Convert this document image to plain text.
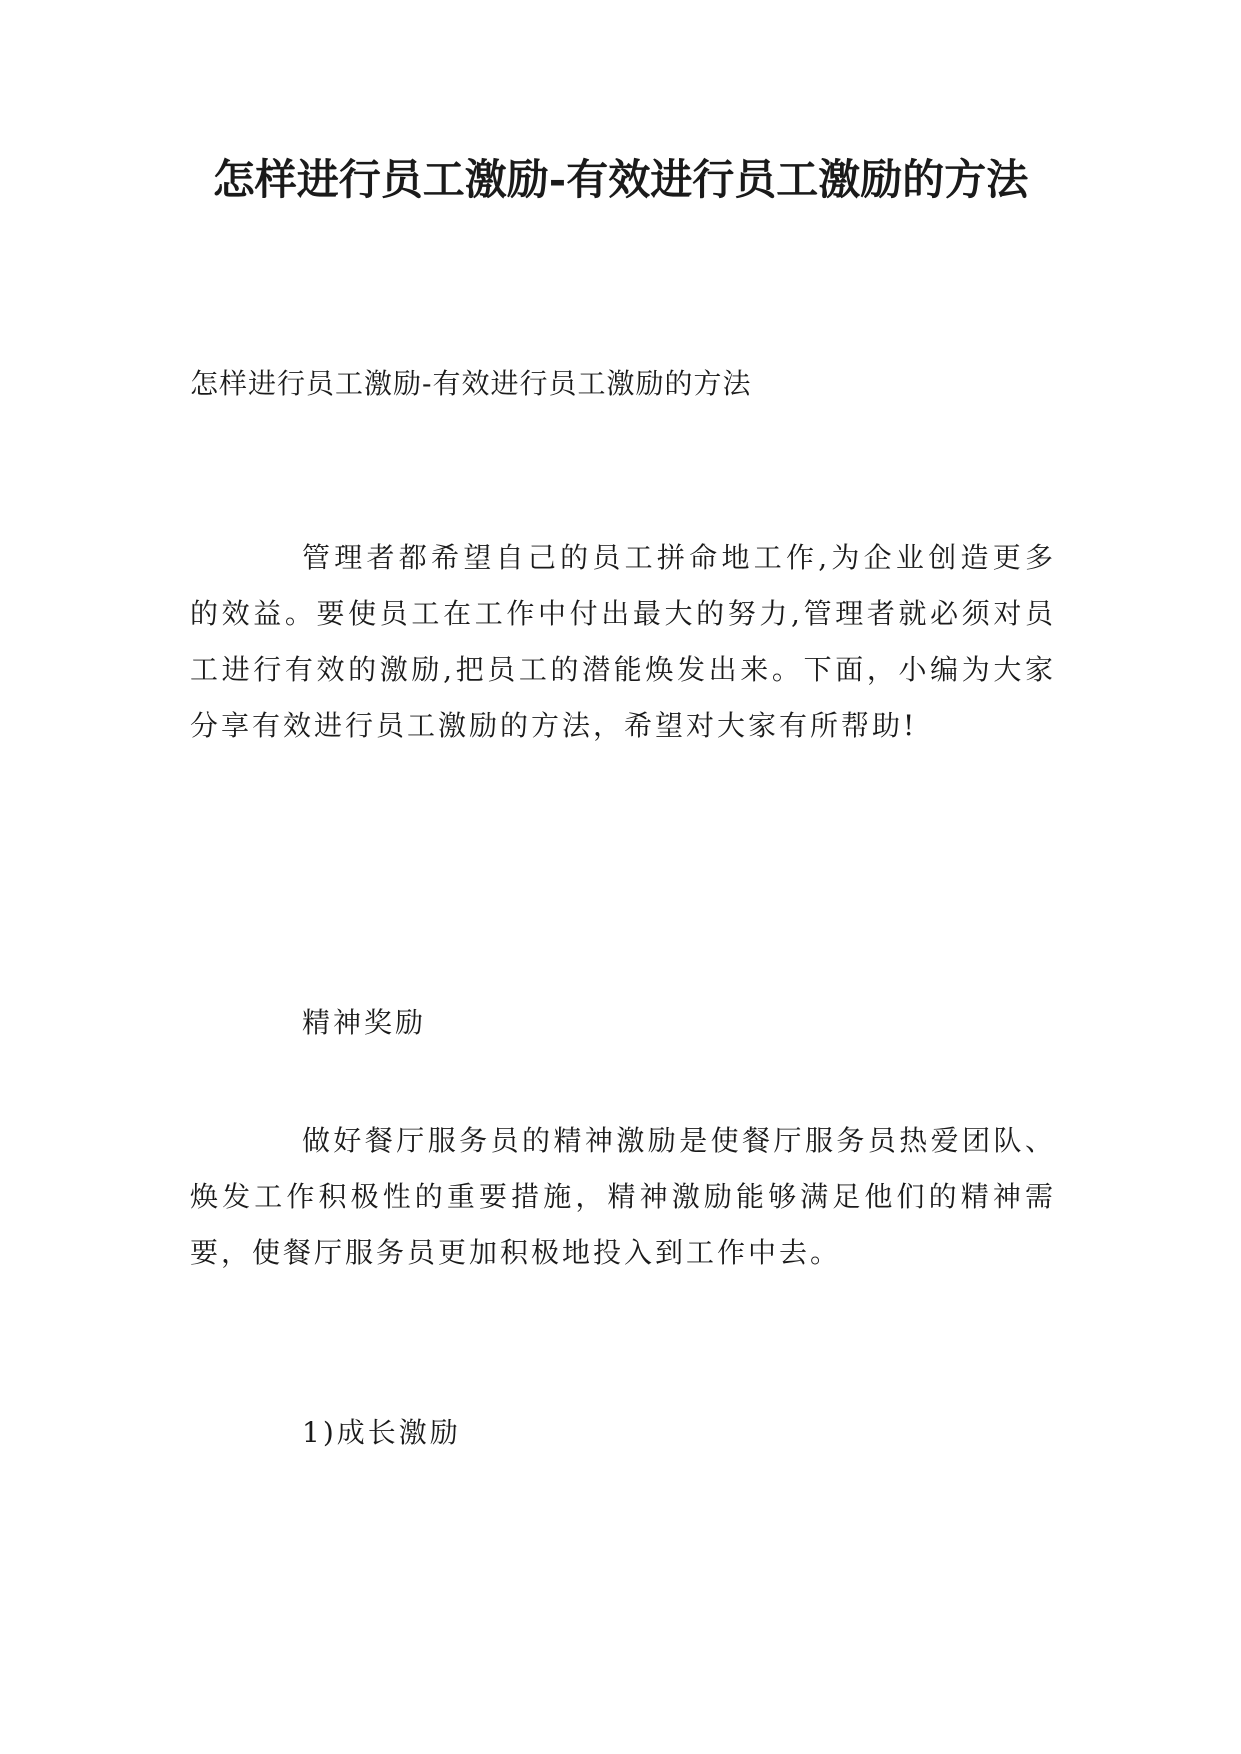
怎样进行员工激励-有效进行员工激励的方法

怎样进行员工激励-有效进行员工激励的方法

管理者都希望自己的员工拼命地工作,为企业创造更多的效益。要使员工在工作中付出最大的努力,管理者就必须对员工进行有效的激励,把员工的潜能焕发出来。下面，小编为大家分享有效进行员工激励的方法，希望对大家有所帮助!

精神奖励

做好餐厅服务员的精神激励是使餐厅服务员热爱团队、焕发工作积极性的重要措施，精神激励能够满足他们的精神需要，使餐厅服务员更加积极地投入到工作中去。

1)成长激励
